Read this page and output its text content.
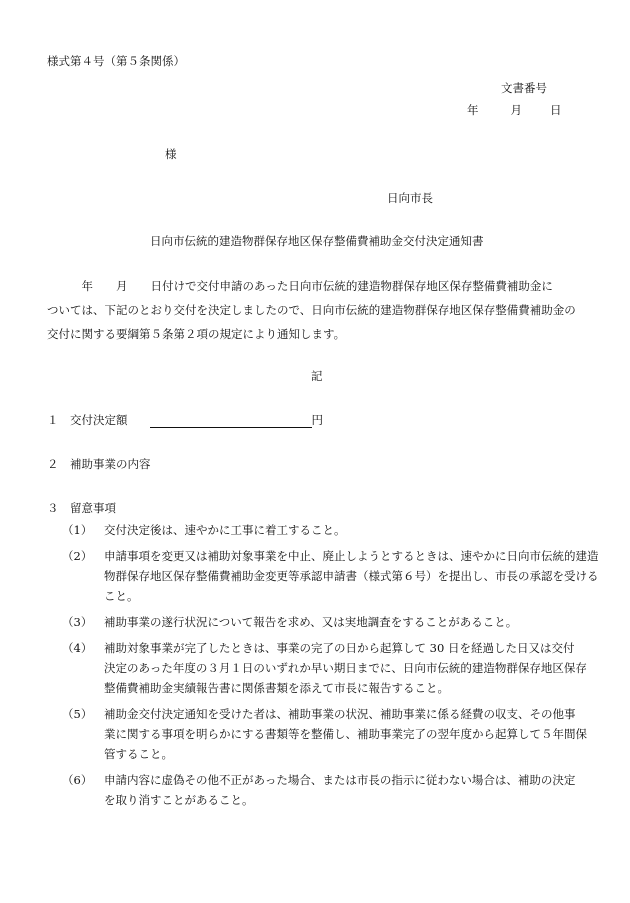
様式第４号（第５条関係）
文書番号
年	月 日
様
日向市長
日向市伝統的建造物群保存地区保存整備費補助金交付決定通知書

　　　年　　月　　日付けで交付申請のあった日向市伝統的建造物群保存地区保存整備費補助金に

ついては、下記のとおり交付を決定しましたので、日向市伝統的建造物群保存地区保存整備費補助金の

交付に関する要綱第５条第２項の規定により通知します。

記
１　交付決定額	円
２　補助事業の内容
３　留意事項
（1）	交付決定後は、速やかに工事に着工すること。

（2）	申請事項を変更又は補助対象事業を中止、廃止しようとするときは、速やかに日向市伝統的建造

物群保存地区保存整備費補助金変更等承認申請書（様式第６号）を提出し、市長の承認を受ける

こと。

（3）	補助事業の遂行状況について報告を求め、又は実地調査をすることがあること。

（4）	補助対象事業が完了したときは、事業の完了の日から起算して 30 日を経過した日又は交付

決定のあった年度の３月１日のいずれか早い期日までに、日向市伝統的建造物群保存地区保存

整備費補助金実績報告書に関係書類を添えて市長に報告すること。

（5）	補助金交付決定通知を受けた者は、補助事業の状況、補助事業に係る経費の収支、その他事

業に関する事項を明らかにする書類等を整備し、補助事業完了の翌年度から起算して５年間保

管すること。

（6）	申請内容に虚偽その他不正があった場合、または市長の指示に従わない場合は、補助の決定

を取り消すことがあること。
